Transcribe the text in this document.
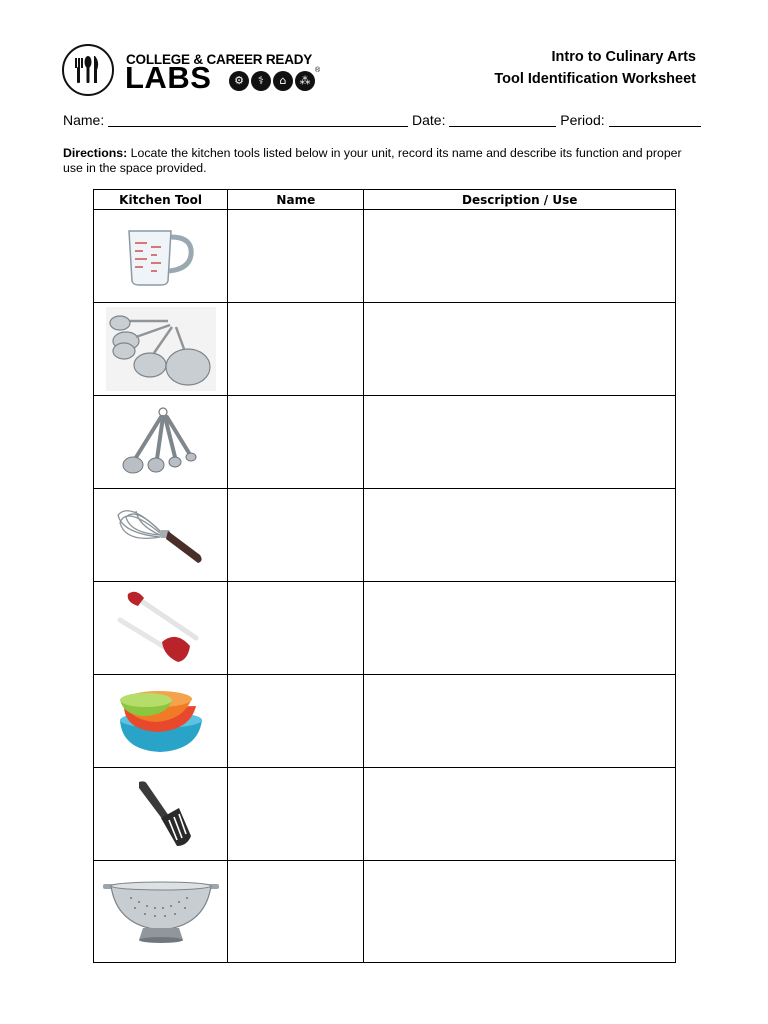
COLLEGE & CAREER READY
LABS	⚙	⚕	⌂	⁂
®
Intro to Culinary Arts
Tool Identification Worksheet
Name:	Date:	Period:
Directions: Locate the kitchen tools listed below in your unit, record its name and describe its function and proper use in the space provided.
Kitchen Tool	Name	Description / Use
